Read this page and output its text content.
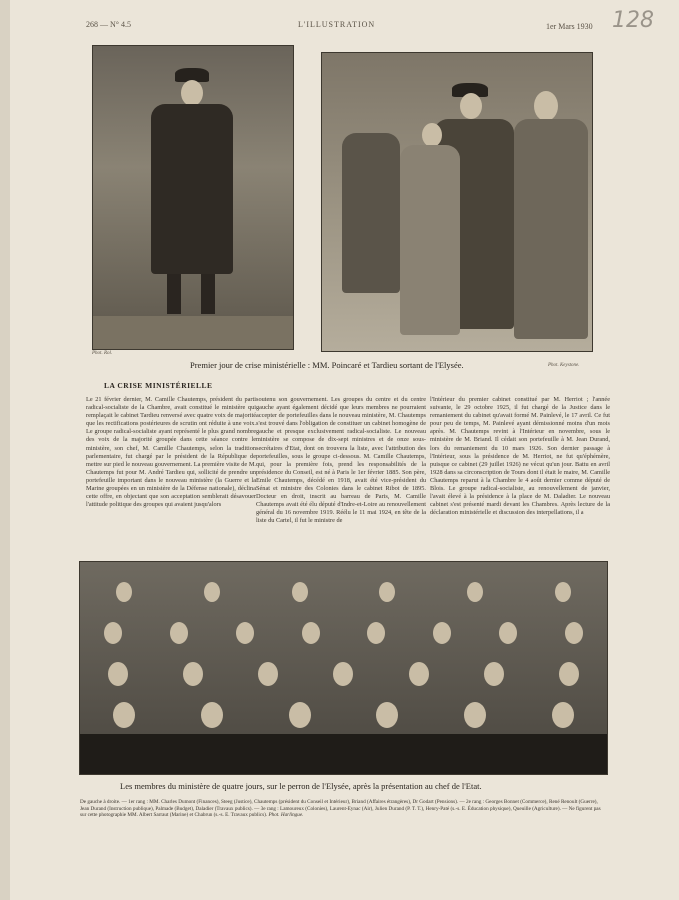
268 — N° 4.5	L'ILLUSTRATION	1er Mars 1930 128
Phot. Rol.
Phot. Keystone.
Premier jour de crise ministérielle : MM. Poincaré et Tardieu sortant de l'Elysée.
LA CRISE MINISTÉRIELLE
Le 21 février dernier, M. Camille Chautemps, président du parti radical-socialiste de la Chambre, avait constitué le ministère qui remplaçait le cabinet Tardieu renversé avec quatre voix de majorité que les rectifications postérieures de scrutin ont réduite à une voix. Le groupe radical-socialiste ayant représenté le plus grand nombre des voix de la majorité groupée dans cette séance contre le ministère, son chef, M. Camille Chautemps, selon la tradition parlementaire, fut chargé par le président de la République de mettre sur pied le nouveau gouvernement. La première visite de M. Chautemps fut pour M. André Tardieu qui, sollicité de prendre un portefeuille important dans le nouveau ministère (la Guerre et la Marine groupées en un ministère de la Défense nationale), déclina cette offre, en objectant que son acceptation semblerait désavouer l'attitude politique des groupes qui avaient jusqu'alors
soutenu son gouvernement. Les groupes du centre et du centre gauche ayant également décidé que leurs membres ne pourraient accepter de portefeuilles dans le nouveau ministère, M. Chautemps s'est trouvé dans l'obligation de constituer un cabinet homogène de gauche et presque exclusivement radical-socialiste. Le nouveau ministère se compose de dix-sept ministres et de onze sous-secrétaires d'Etat, dont on trouvera la liste, avec l'attribution des portefeuilles, sous le groupe ci-dessous. M. Camille Chautemps, qui, pour la première fois, prend les responsabilités de la présidence du Conseil, est né à Paris le 1er février 1885. Son père, Emile Chautemps, décédé en 1918, avait été vice-président du Sénat et ministre des Colonies dans le cabinet Ribot de 1895. Docteur en droit, inscrit au barreau de Paris, M. Camille Chautemps avait été élu député d'Indre-et-Loire au renouvellement général du 16 novembre 1919. Réélu le 11 mai 1924, en tête de la liste du Cartel, il fut le ministre de
l'Intérieur du premier cabinet constitué par M. Herriot ; l'année suivante, le 29 octobre 1925, il fut chargé de la Justice dans le remaniement du cabinet qu'avait formé M. Painlevé, le 17 avril. Ce fut pour peu de temps, M. Painlevé ayant démissionné moins d'un mois après. M. Chautemps revint à l'Intérieur en novembre, sous le ministère de M. Briand. Il cédait son portefeuille à M. Jean Durand, lors du remaniement du 10 mars 1926. Son dernier passage à l'Intérieur, sous la présidence de M. Herriot, ne fut qu'éphémère, puisque ce cabinet (29 juillet 1926) ne vécut qu'un jour. Battu en avril 1928 dans sa circonscription de Tours dont il était le maire, M. Camille Chautemps reparut à la Chambre le 4 août dernier comme député de Blois. Le groupe radical-socialiste, au renouvellement de janvier, l'avait élevé à la présidence à la place de M. Daladier. Le nouveau cabinet s'est présenté mardi devant les Chambres. Après lecture de la déclaration ministérielle et discussion des interpellations, il a
Les membres du ministère de quatre jours, sur le perron de l'Elysée, après la présentation au chef de l'Etat.
De gauche à droite. — 1er rang : MM. Charles Dumont (Finances), Steeg (Justice), Chautemps (président du Conseil et Intérieur), Briand (Affaires étrangères), Dr Godart (Pensions). — 2e rang : Georges Bonnet (Commerce), René Renoult (Guerre), Jean Durand (Instruction publique), Palmade (Budget), Daladier (Travaux publics). — 3e rang : Lamoureux (Colonies), Laurent-Eynac (Air), Julien Durand (P. T. T.), Henry-Paté (s.-s. E. Éducation physique), Queuille (Agriculture). — Ne figurent pas sur cette photographie MM. Albert Sarraut (Marine) et Chabrun (s.-s. E. Travaux publics). Phot. Harlingue.
